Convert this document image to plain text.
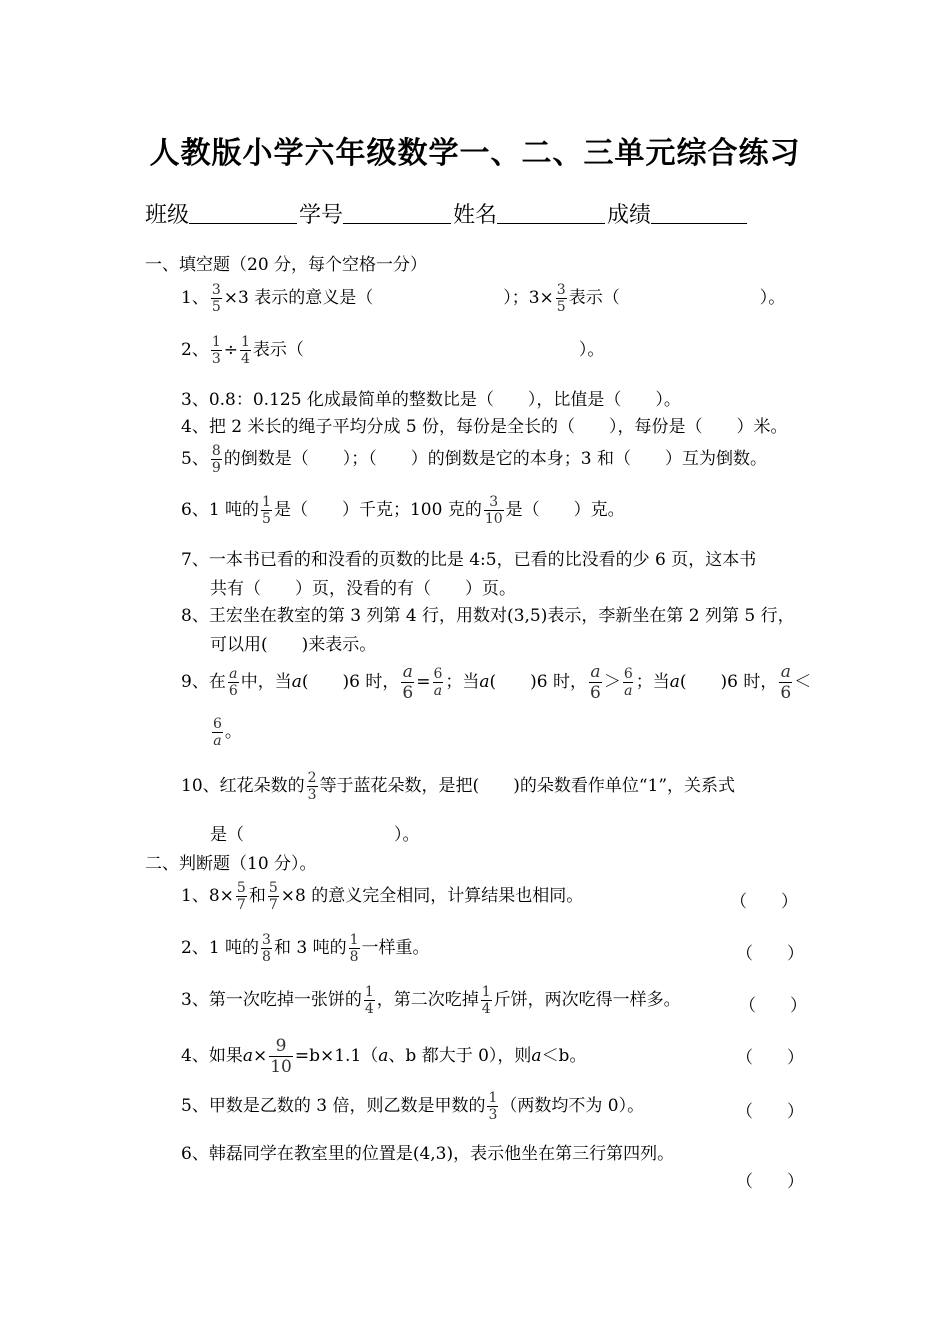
人教版小学六年级数学一、二、三单元综合练习
班级	学号	姓名	成绩
一、填空题（20 分，每个空格一分）
1、 $\frac{3}{5} \times 3$ 表示的意义是（	）；$3\times \frac{3}{5}$ 表示（	）。
2、 $\frac{1}{3} \div \frac{1}{4}$ 表示（	）。
3、0.8：0.125 化成最简单的整数比是（　　），比值是（　　）。
4、把 2 米长的绳子平均分成 5 份，每份是全长的（　　），每份是（　　）米。
5、 $\frac{8}{9}$ 的倒数是（　　）；（　　）的倒数是它的本身；3 和（　　）互为倒数。
6、1 吨的 $\frac{1}{5}$ 是（　　）千克；100 克的 $\frac{3}{10}$ 是（　　）克。
7、一本书已看的和没看的页数的比是 4:5，已看的比没看的少 6 页，这本书
共有（　　）页，没看的有（　　）页。
8、王宏坐在教室的第 3 列第 4 行，用数对(3,5)表示，李新坐在第 2 列第 5 行，
可以用(　　)来表示。
9、在 $\frac{a}{6}$ 中，当a(　　)6 时， $\frac{a}{6} = \frac{6}{a}$ ；当a(　　)6 时， $\frac{a}{6} > \frac{6}{a}$ ；当a(　　)6 时， $\frac{a}{6}$ ＜
$\frac{6}{a}$ 。
10、红花朵数的 $\frac{2}{3}$ 等于蓝花朵数，是把(　　)的朵数看作单位“1”，关系式
是（	）。
二、判断题（10 分）。
1、$8\times \frac{5}{7}$ 和 $\frac{5}{7} \times 8$ 的意义完全相同，计算结果也相同。	（　　）
2、1 吨的 $\frac{3}{8}$ 和 3 吨的 $\frac{1}{8}$ 一样重。	（　　）
3、第一次吃掉一张饼的 $\frac{1}{4}$ ，第二次吃掉 $\frac{1}{4}$ 斤饼，两次吃得一样多。	（　　）
4、如果$a\times \frac{9}{10} =b\times 1.1(a$、b 都大于 0），则a＜b。	（　　）
5、甲数是乙数的 3 倍，则乙数是甲数的 $\frac{1}{3}$ （两数均不为 0）。	（　　）
6、韩磊同学在教室里的位置是(4,3)，表示他坐在第三行第四列。
（　　）
